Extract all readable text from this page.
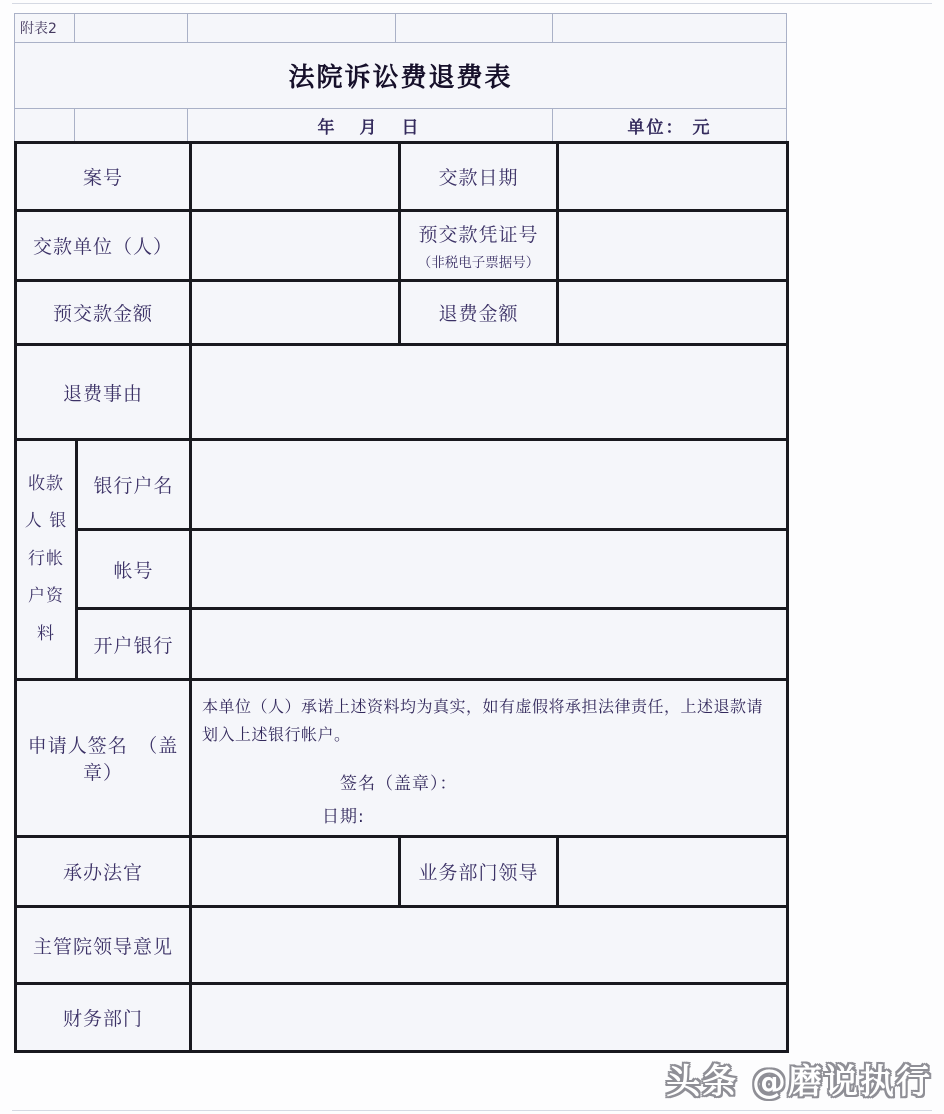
附表2				
法院诉讼费退费表				
		年　月　日		单位： 元
案号			交款日期	
交款单位（人）			预交款凭证号
（非税电子票据号）	

预交款金额			退费金额	
退费事由				

收款人 银行帐户资料	银行户名			
	帐号			
	开户银行			
申请人签名　（盖章）		本单位（人）承诺上述资料均为真实，如有虚假将承担法律责任，上述退款请划入上述银行帐户。
签名（盖章）：
日期:		

承办法官			业务部门领导	
主管院领导意见				
财务部门				
头条 @磨说执行
